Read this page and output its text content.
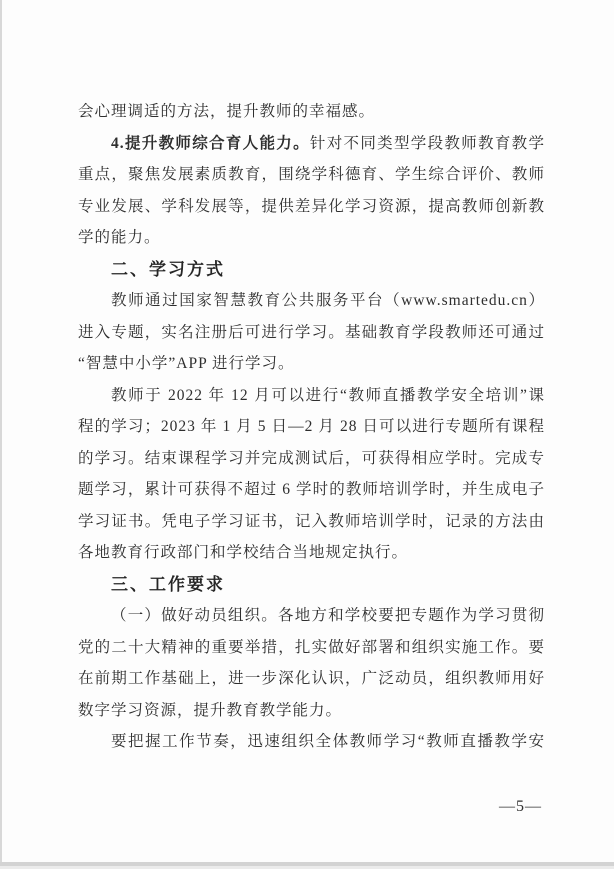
会心理调适的方法，提升教师的幸福感。
4.提升教师综合育人能力。针对不同类型学段教师教育教学
重点，聚焦发展素质教育，围绕学科德育、学生综合评价、教师
专业发展、学科发展等，提供差异化学习资源，提高教师创新教
学的能力。
二、学习方式
教师通过国家智慧教育公共服务平台（www.smartedu.cn）
进入专题，实名注册后可进行学习。基础教育学段教师还可通过
“智慧中小学”APP 进行学习。
教师于 2022 年 12 月可以进行“教师直播教学安全培训”课
程的学习；2023 年 1 月 5 日—2 月 28 日可以进行专题所有课程
的学习。结束课程学习并完成测试后，可获得相应学时。完成专
题学习，累计可获得不超过 6 学时的教师培训学时，并生成电子
学习证书。凭电子学习证书，记入教师培训学时，记录的方法由
各地教育行政部门和学校结合当地规定执行。
三、工作要求
（一）做好动员组织。各地方和学校要把专题作为学习贯彻
党的二十大精神的重要举措，扎实做好部署和组织实施工作。要
在前期工作基础上，进一步深化认识，广泛动员，组织教师用好
数字学习资源，提升教育教学能力。
要把握工作节奏，迅速组织全体教师学习“教师直播教学安
—5—
